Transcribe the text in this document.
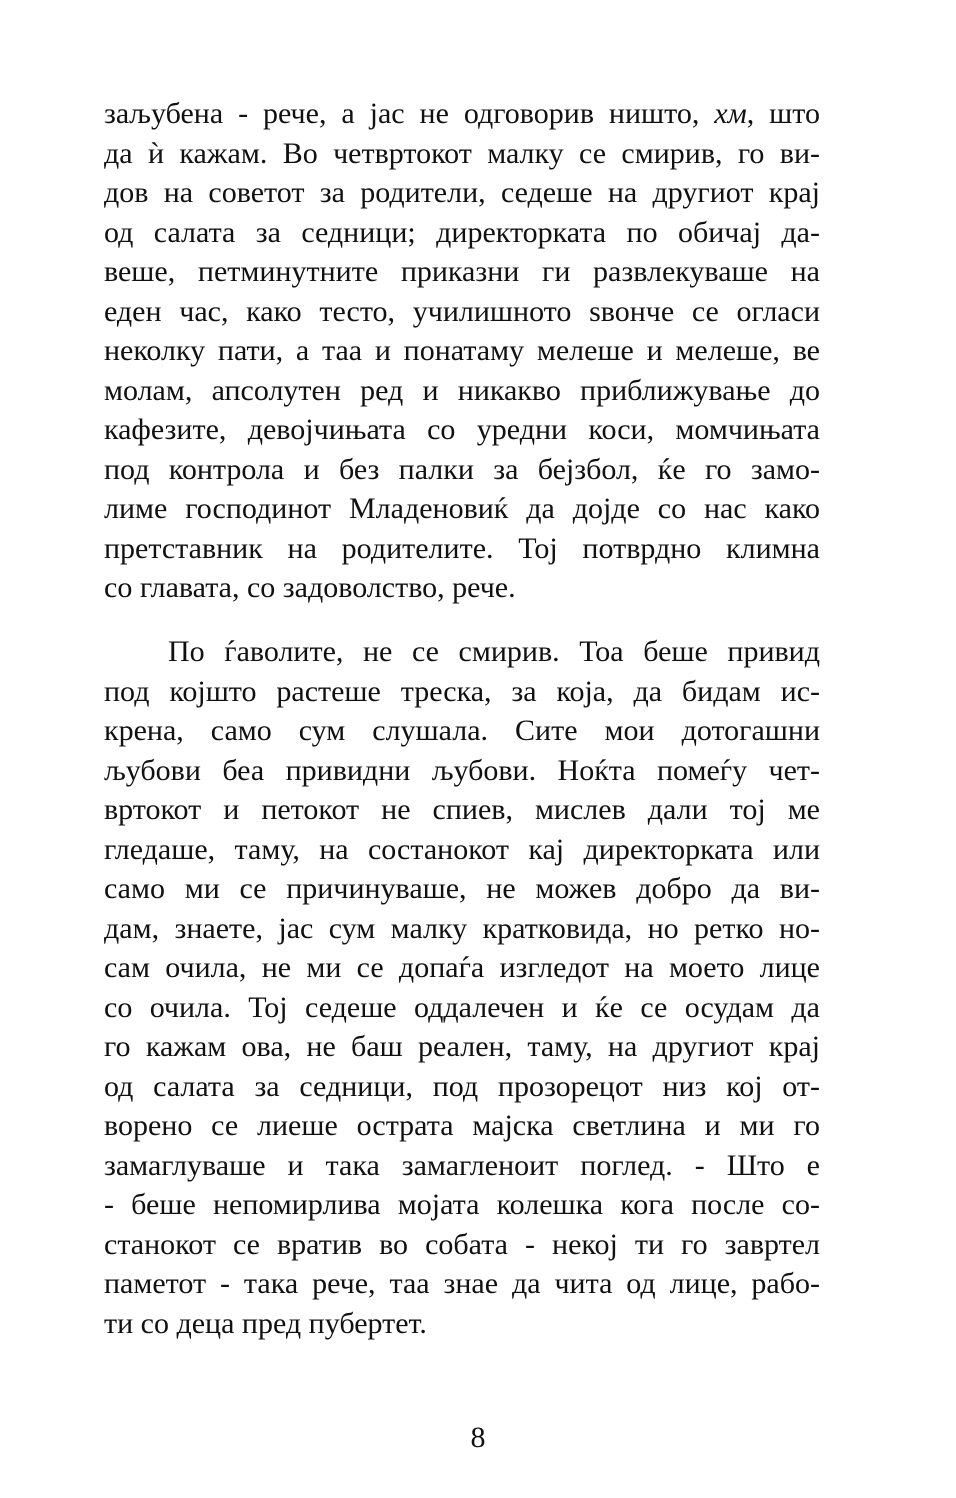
заљубена - рече, а јас не одговорив ништо, хм, што
да ѝ кажам. Во четвртокот малку се смирив, го ви-
дов на советот за родители, седеше на другиот крај
од салата за седници; директорката по обичај да-
веше, петминутните приказни ги развлекуваше на
еден час, како тесто, училишното ѕвонче се огласи
неколку пати, а таа и понатаму мелеше и мелеше, ве
молам, апсолутен ред и никакво приближување до
кафезите, девојчињата со уредни коси, момчињата
под контрола и без палки за бејзбол, ќе го замо-
лиме господинот Младеновиќ да дојде со нас како
претставник на родителите. Тој потврдно климна
со главата, со задоволство, рече.
По ѓаволите, не се смирив. Тоа беше привид
под којшто растеше треска, за која, да бидам ис-
крена, само сум слушала. Сите мои дотогашни
љубови беа привидни љубови. Ноќта помеѓу чет-
вртокот и петокот не спиев, мислев дали тој ме
гледаше, таму, на состанокот кај директорката или
само ми се причинуваше, не можев добро да ви-
дам, знаете, јас сум малку кратковида, но ретко но-
сам очила, не ми се допаѓа изгледот на моето лице
со очила. Тој седеше оддалечен и ќе се осудам да
го кажам ова, не баш реален, таму, на другиот крај
од салата за седници, под прозорецот низ кој от-
ворено се лиеше острата мајска светлина и ми го
замаглуваше и така замагленоит поглед. - Што е
- беше непомирлива мојата колешка кога после со-
станокот се вратив во собата - некој ти го завртел
паметот - така рече, таа знае да чита од лице, рабо-
ти со деца пред пубертет.
8
